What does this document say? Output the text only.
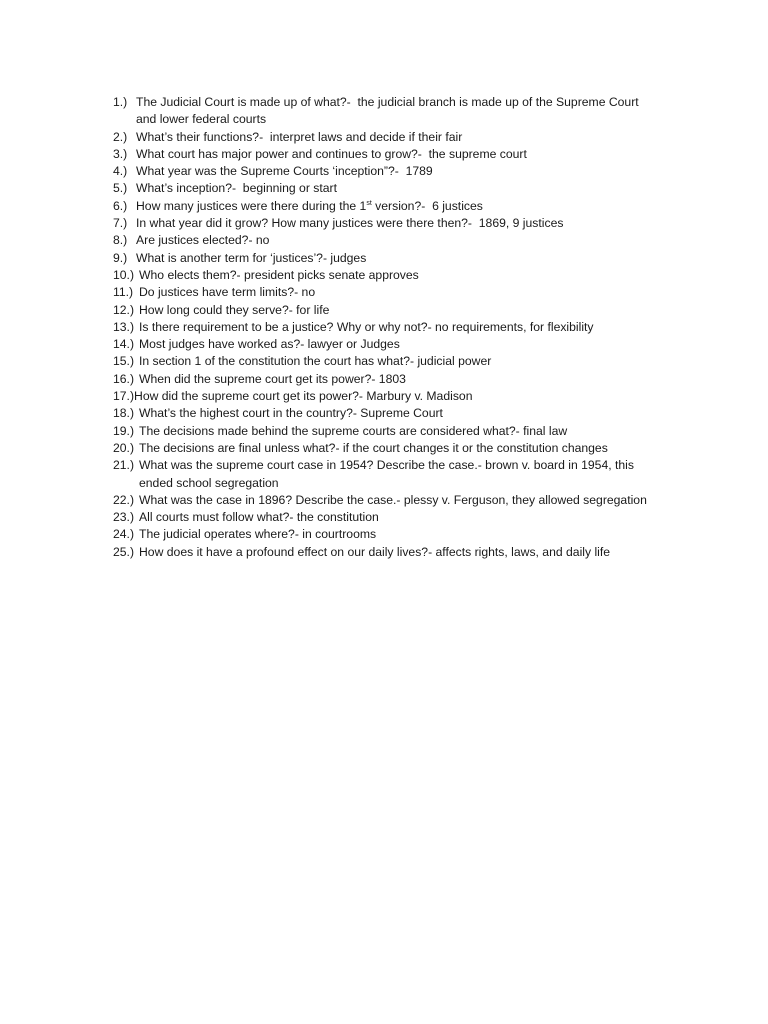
1.) The Judicial Court is made up of what?-  the judicial branch is made up of the Supreme Court
and lower federal courts
2.) What’s their functions?-  interpret laws and decide if their fair
3.) What court has major power and continues to grow?-  the supreme court
4.) What year was the Supreme Courts ‘inception”?-  1789
5.) What’s inception?-  beginning or start
6.) How many justices were there during the 1st version?-  6 justices
7.) In what year did it grow? How many justices were there then?-  1869, 9 justices
8.) Are justices elected?- no
9.) What is another term for ‘justices’?- judges
10.) Who elects them?- president picks senate approves
11.) Do justices have term limits?- no
12.) How long could they serve?- for life
13.) Is there requirement to be a justice? Why or why not?- no requirements, for flexibility
14.) Most judges have worked as?- lawyer or Judges
15.) In section 1 of the constitution the court has what?- judicial power
16.) When did the supreme court get its power?- 1803
17.) How did the supreme court get its power?- Marbury v. Madison
18.) What’s the highest court in the country?- Supreme Court
19.) The decisions made behind the supreme courts are considered what?- final law
20.) The decisions are final unless what?- if the court changes it or the constitution changes
21.) What was the supreme court case in 1954? Describe the case.- brown v. board in 1954, this
ended school segregation
22.) What was the case in 1896? Describe the case.- plessy v. Ferguson, they allowed segregation
23.) All courts must follow what?- the constitution
24.) The judicial operates where?- in courtrooms
25.) How does it have a profound effect on our daily lives?- affects rights, laws, and daily life
